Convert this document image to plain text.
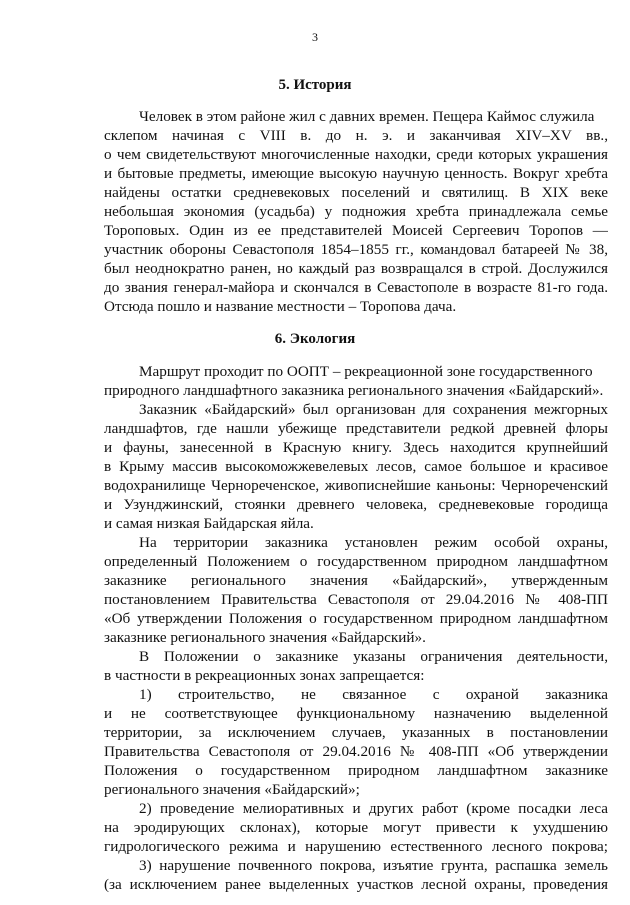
3
5. История
Человек в этом районе жил с давних времен. Пещера Каймос служила
склепом начиная с VIII в. до н. э. и заканчивая XIV–XV вв.,
о чем свидетельствуют многочисленные находки, среди которых украшения
и бытовые предметы, имеющие высокую научную ценность. Вокруг хребта
найдены остатки средневековых поселений и святилищ. В XIX веке
небольшая экономия (усадьба) у подножия хребта принадлежала семье
Тороповых. Один из ее представителей Моисей Сергеевич Торопов —
участник обороны Севастополя 1854–1855 гг., командовал батареей № 38,
был неоднократно ранен, но каждый раз возвращался в строй. Дослужился
до звания генерал-майора и скончался в Севастополе в возрасте 81-го года.
Отсюда пошло и название местности – Торопова дача.
6. Экология
Маршрут проходит по ООПТ – рекреационной зоне государственного
природного ландшафтного заказника регионального значения «Байдарский».
Заказник «Байдарский» был организован для сохранения межгорных
ландшафтов, где нашли убежище представители редкой древней флоры
и фауны, занесенной в Красную книгу. Здесь находится крупнейший
в Крыму массив высокоможжевелевых лесов, самое большое и красивое
водохранилище Чернореченское, живописнейшие каньоны: Чернореченский
и Узунджинский, стоянки древнего человека, средневековые городища
и самая низкая Байдарская яйла.
На территории заказника установлен режим особой охраны,
определенный Положением о государственном природном ландшафтном
заказнике регионального значения «Байдарский», утвержденным
постановлением Правительства Севастополя от 29.04.2016 № 408-ПП
«Об утверждении Положения о государственном природном ландшафтном
заказнике регионального значения «Байдарский».
В Положении о заказнике указаны ограничения деятельности,
в частности в рекреационных зонах запрещается:
1) строительство, не связанное с охраной заказника
и не соответствующее функциональному назначению выделенной
территории, за исключением случаев, указанных в постановлении
Правительства Севастополя от 29.04.2016 № 408-ПП «Об утверждении
Положения о государственном природном ландшафтном заказнике
регионального значения «Байдарский»;
2) проведение мелиоративных и других работ (кроме посадки леса
на эродирующих склонах), которые могут привести к ухудшению
гидрологического режима и нарушению естественного лесного покрова;
3) нарушение почвенного покрова, изъятие грунта, распашка земель
(за исключением ранее выделенных участков лесной охраны, проведения
